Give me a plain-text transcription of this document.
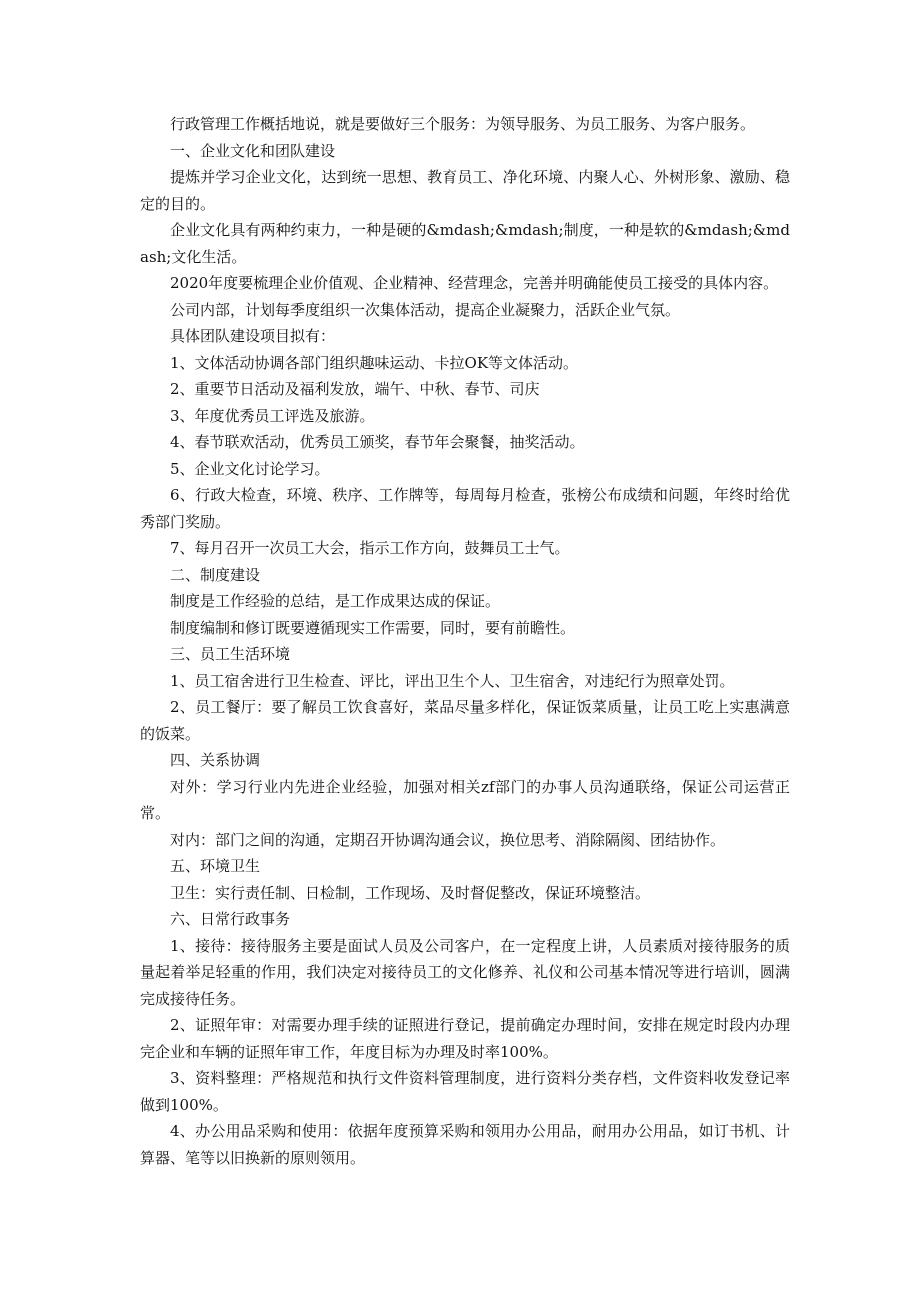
行政管理工作概括地说，就是要做好三个服务：为领导服务、为员工服务、为客户服务。

一、企业文化和团队建设

提炼并学习企业文化，达到统一思想、教育员工、净化环境、内聚人心、外树形象、激励、稳定的目的。

企业文化具有两种约束力，一种是硬的&mdash;&mdash;制度，一种是软的&mdash;&mdash;文化生活。

2020年度要梳理企业价值观、企业精神、经营理念，完善并明确能使员工接受的具体内容。

公司内部，计划每季度组织一次集体活动，提高企业凝聚力，活跃企业气氛。

具体团队建设项目拟有：

1、文体活动协调各部门组织趣味运动、卡拉OK等文体活动。

2、重要节日活动及福利发放，端午、中秋、春节、司庆

3、年度优秀员工评选及旅游。

4、春节联欢活动，优秀员工颁奖，春节年会聚餐，抽奖活动。

5、企业文化讨论学习。

6、行政大检查，环境、秩序、工作牌等，每周每月检查，张榜公布成绩和问题，年终时给优秀部门奖励。

7、每月召开一次员工大会，指示工作方向，鼓舞员工士气。

二、制度建设

制度是工作经验的总结，是工作成果达成的保证。

制度编制和修订既要遵循现实工作需要，同时，要有前瞻性。

三、员工生活环境

1、员工宿舍进行卫生检查、评比，评出卫生个人、卫生宿舍，对违纪行为照章处罚。

2、员工餐厅：要了解员工饮食喜好，菜品尽量多样化，保证饭菜质量，让员工吃上实惠满意的饭菜。

四、关系协调

对外：学习行业内先进企业经验，加强对相关zf部门的办事人员沟通联络，保证公司运营正常。

对内：部门之间的沟通，定期召开协调沟通会议，换位思考、消除隔阂、团结协作。

五、环境卫生

卫生：实行责任制、日检制，工作现场、及时督促整改，保证环境整洁。

六、日常行政事务

1、接待：接待服务主要是面试人员及公司客户，在一定程度上讲，人员素质对接待服务的质量起着举足轻重的作用，我们决定对接待员工的文化修养、礼仪和公司基本情况等进行培训，圆满完成接待任务。

2、证照年审：对需要办理手续的证照进行登记，提前确定办理时间，安排在规定时段内办理完企业和车辆的证照年审工作，年度目标为办理及时率100%。

3、资料整理：严格规范和执行文件资料管理制度，进行资料分类存档，文件资料收发登记率做到100%。

4、办公用品采购和使用：依据年度预算采购和领用办公用品，耐用办公用品，如订书机、计算器、笔等以旧换新的原则领用。
